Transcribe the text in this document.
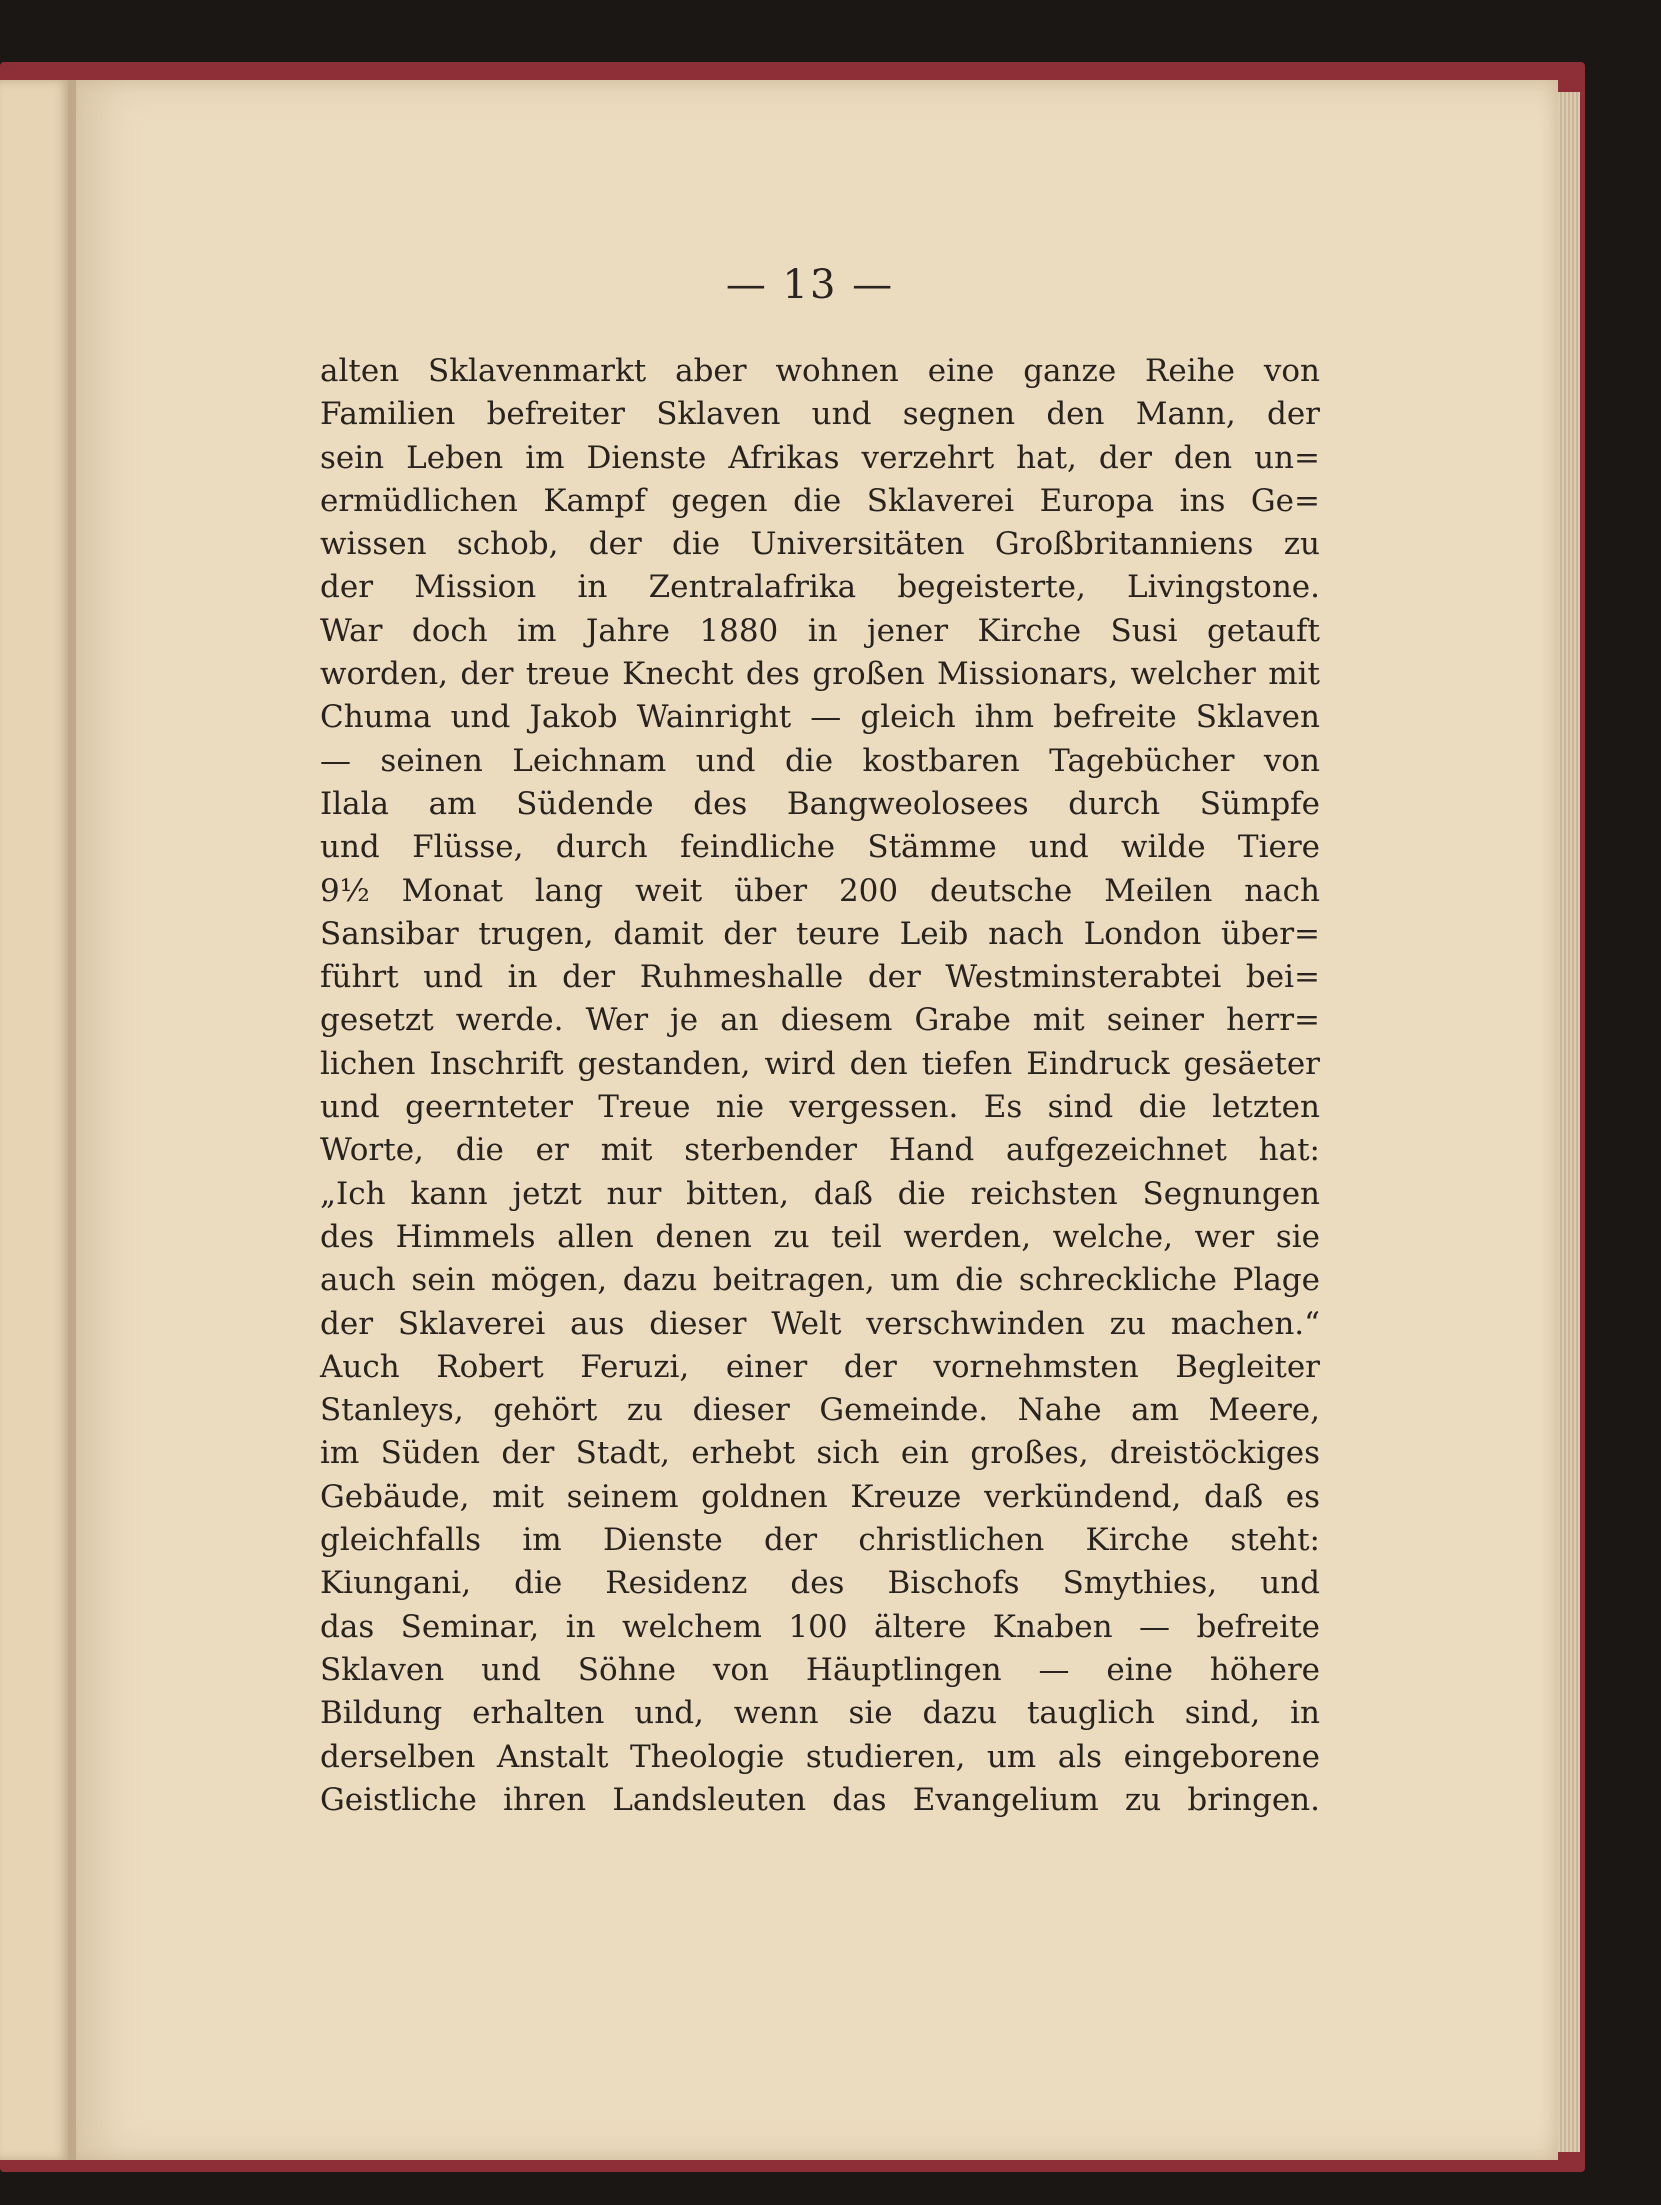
— 13 —
alten Sklavenmarkt aber wohnen eine ganze Reihe von
Familien befreiter Sklaven und segnen den Mann, der
sein Leben im Dienste Afrikas verzehrt hat, der den un=
ermüdlichen Kampf gegen die Sklaverei Europa ins Ge=
wissen schob, der die Universitäten Großbritanniens zu
der Mission in Zentralafrika begeisterte, Livingstone.
War doch im Jahre 1880 in jener Kirche Susi getauft
worden, der treue Knecht des großen Missionars, welcher mit
Chuma und Jakob Wainright — gleich ihm befreite Sklaven
— seinen Leichnam und die kostbaren Tagebücher von
Ilala am Südende des Bangweolosees durch Sümpfe
und Flüsse, durch feindliche Stämme und wilde Tiere
9½ Monat lang weit über 200 deutsche Meilen nach
Sansibar trugen, damit der teure Leib nach London über=
führt und in der Ruhmeshalle der Westminsterabtei bei=
gesetzt werde. Wer je an diesem Grabe mit seiner herr=
lichen Inschrift gestanden, wird den tiefen Eindruck gesäeter
und geernteter Treue nie vergessen. Es sind die letzten
Worte, die er mit sterbender Hand aufgezeichnet hat:
„Ich kann jetzt nur bitten, daß die reichsten Segnungen
des Himmels allen denen zu teil werden, welche, wer sie
auch sein mögen, dazu beitragen, um die schreckliche Plage
der Sklaverei aus dieser Welt verschwinden zu machen.“
Auch Robert Feruzi, einer der vornehmsten Begleiter
Stanleys, gehört zu dieser Gemeinde. Nahe am Meere,
im Süden der Stadt, erhebt sich ein großes, dreistöckiges
Gebäude, mit seinem goldnen Kreuze verkündend, daß es
gleichfalls im Dienste der christlichen Kirche steht:
Kiungani, die Residenz des Bischofs Smythies, und
das Seminar, in welchem 100 ältere Knaben — befreite
Sklaven und Söhne von Häuptlingen — eine höhere
Bildung erhalten und, wenn sie dazu tauglich sind, in
derselben Anstalt Theologie studieren, um als eingeborene
Geistliche ihren Landsleuten das Evangelium zu bringen.
